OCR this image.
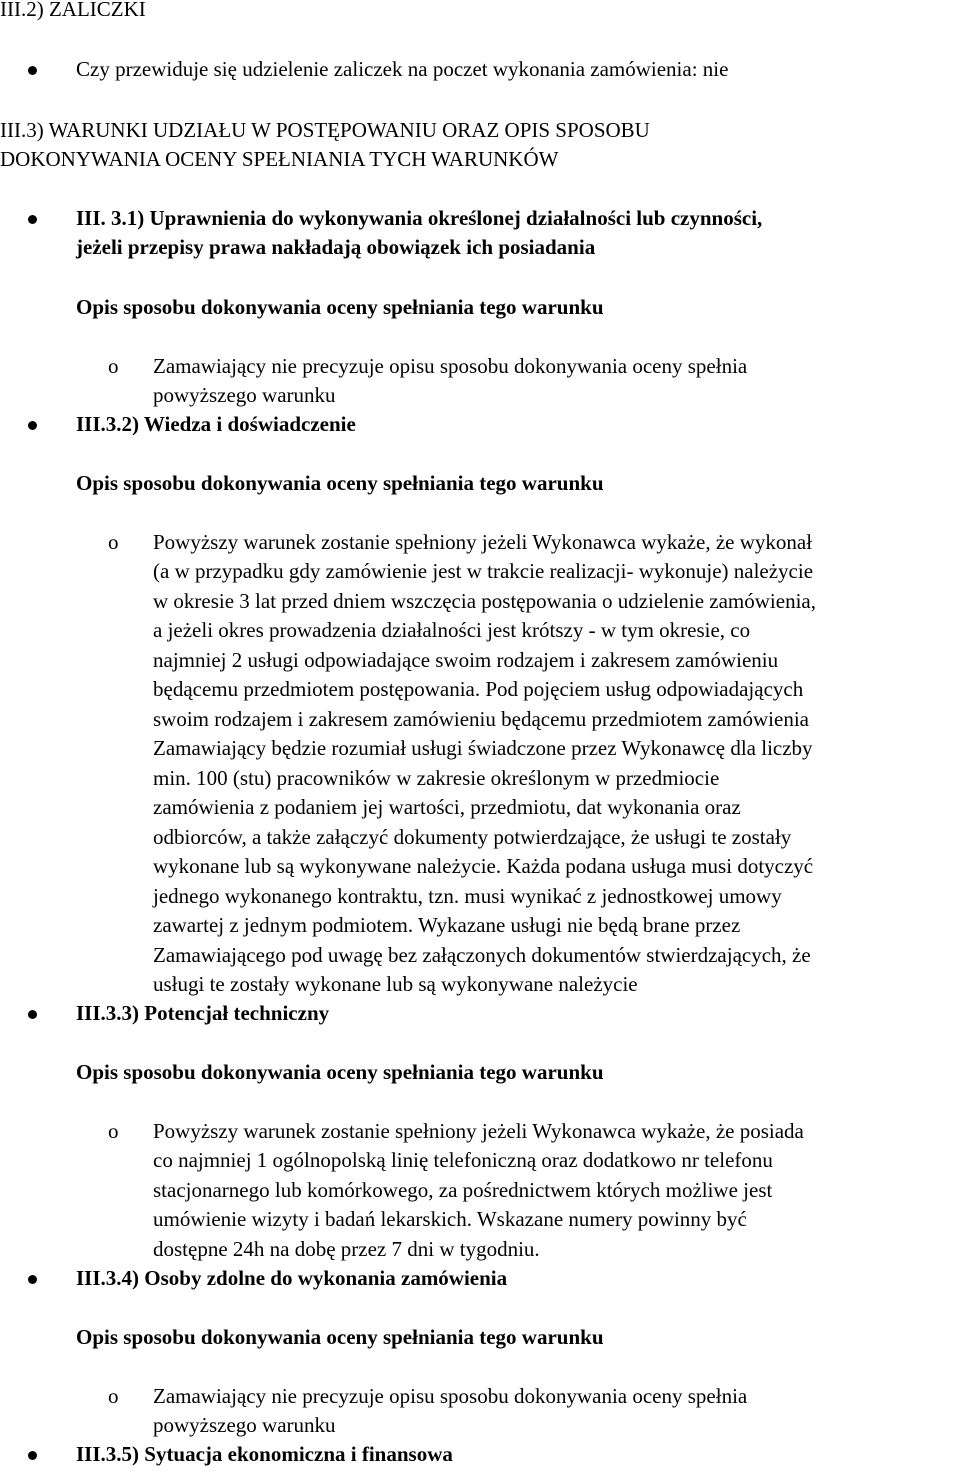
III.2) ZALICZKI
Czy przewiduje się udzielenie zaliczek na poczet wykonania zamówienia: nie
III.3) WARUNKI UDZIAŁU W POSTĘPOWANIU ORAZ OPIS SPOSOBU
DOKONYWANIA OCENY SPEŁNIANIA TYCH WARUNKÓW
III. 3.1) Uprawnienia do wykonywania określonej działalności lub czynności,
jeżeli przepisy prawa nakładają obowiązek ich posiadania
Opis sposobu dokonywania oceny spełniania tego warunku
o Zamawiający nie precyzuje opisu sposobu dokonywania oceny spełnia
powyższego warunku
III.3.2) Wiedza i doświadczenie
Opis sposobu dokonywania oceny spełniania tego warunku
o Powyższy warunek zostanie spełniony jeżeli Wykonawca wykaże, że wykonał
(a w przypadku gdy zamówienie jest w trakcie realizacji- wykonuje) należycie
w okresie 3 lat przed dniem wszczęcia postępowania o udzielenie zamówienia,
a jeżeli okres prowadzenia działalności jest krótszy - w tym okresie, co
najmniej 2 usługi odpowiadające swoim rodzajem i zakresem zamówieniu
będącemu przedmiotem postępowania. Pod pojęciem usług odpowiadających
swoim rodzajem i zakresem zamówieniu będącemu przedmiotem zamówienia
Zamawiający będzie rozumiał usługi świadczone przez Wykonawcę dla liczby
min. 100 (stu) pracowników w zakresie określonym w przedmiocie
zamówienia z podaniem jej wartości, przedmiotu, dat wykonania oraz
odbiorców, a także załączyć dokumenty potwierdzające, że usługi te zostały
wykonane lub są wykonywane należycie. Każda podana usługa musi dotyczyć
jednego wykonanego kontraktu, tzn. musi wynikać z jednostkowej umowy
zawartej z jednym podmiotem. Wykazane usługi nie będą brane przez
Zamawiającego pod uwagę bez załączonych dokumentów stwierdzających, że
usługi te zostały wykonane lub są wykonywane należycie
III.3.3) Potencjał techniczny
Opis sposobu dokonywania oceny spełniania tego warunku
o Powyższy warunek zostanie spełniony jeżeli Wykonawca wykaże, że posiada
co najmniej 1 ogólnopolską linię telefoniczną oraz dodatkowo nr telefonu
stacjonarnego lub komórkowego, za pośrednictwem których możliwe jest
umówienie wizyty i badań lekarskich. Wskazane numery powinny być
dostępne 24h na dobę przez 7 dni w tygodniu.
III.3.4) Osoby zdolne do wykonania zamówienia
Opis sposobu dokonywania oceny spełniania tego warunku
o Zamawiający nie precyzuje opisu sposobu dokonywania oceny spełnia
powyższego warunku
III.3.5) Sytuacja ekonomiczna i finansowa
